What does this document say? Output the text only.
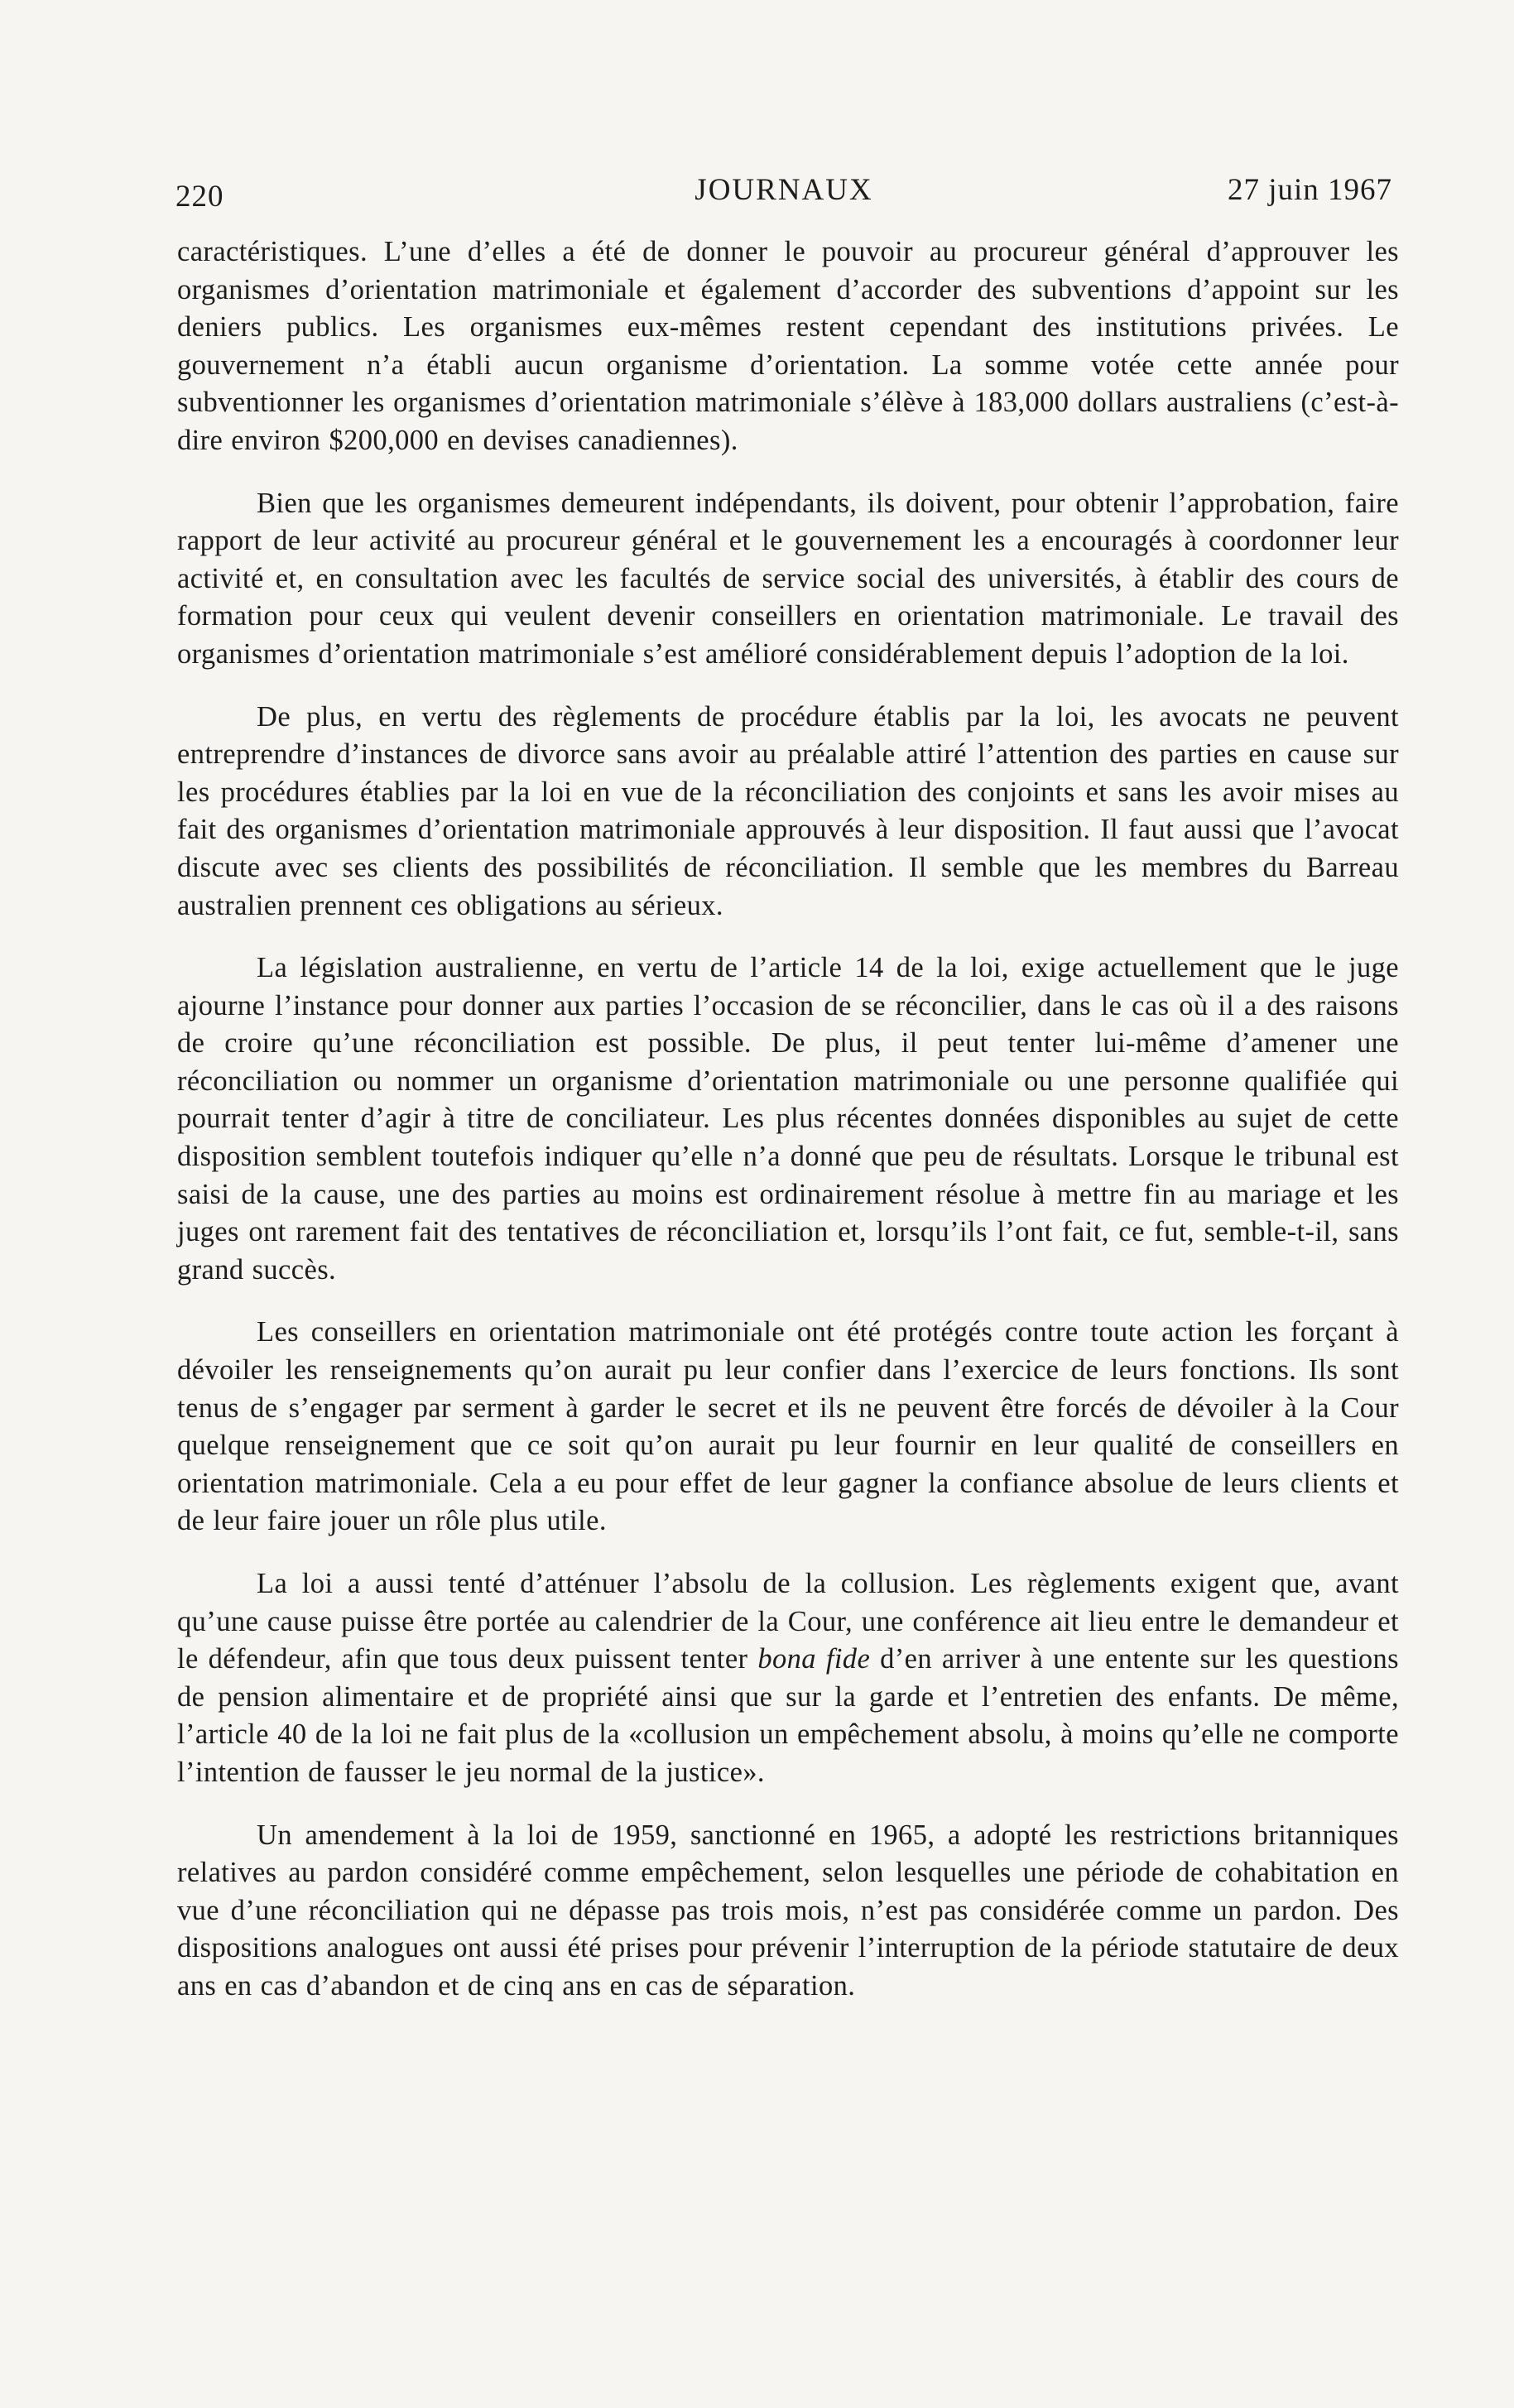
220	JOURNAUX	27 juin 1967

caractéristiques. L’une d’elles a été de donner le pouvoir au procureur général d’approuver les organismes d’orientation matrimoniale et également d’accorder des subventions d’appoint sur les deniers publics. Les organismes eux-mêmes restent cependant des institutions privées. Le gouvernement n’a établi aucun organisme d’orientation. La somme votée cette année pour subventionner les organismes d’orientation matrimoniale s’élève à 183,000 dollars australiens (c’est-à-dire environ $200,000 en devises canadiennes).

Bien que les organismes demeurent indépendants, ils doivent, pour obtenir l’approbation, faire rapport de leur activité au procureur général et le gouvernement les a encouragés à coordonner leur activité et, en consultation avec les facultés de service social des universités, à établir des cours de formation pour ceux qui veulent devenir conseillers en orientation matrimoniale. Le travail des organismes d’orientation matrimoniale s’est amélioré considérablement depuis l’adoption de la loi.

De plus, en vertu des règlements de procédure établis par la loi, les avocats ne peuvent entreprendre d’instances de divorce sans avoir au préalable attiré l’attention des parties en cause sur les procédures établies par la loi en vue de la réconciliation des conjoints et sans les avoir mises au fait des organismes d’orientation matrimoniale approuvés à leur disposition. Il faut aussi que l’avocat discute avec ses clients des possibilités de réconciliation. Il semble que les membres du Barreau australien prennent ces obligations au sérieux.

La législation australienne, en vertu de l’article 14 de la loi, exige actuellement que le juge ajourne l’instance pour donner aux parties l’occasion de se réconcilier, dans le cas où il a des raisons de croire qu’une réconciliation est possible. De plus, il peut tenter lui-même d’amener une réconciliation ou nommer un organisme d’orientation matrimoniale ou une personne qualifiée qui pourrait tenter d’agir à titre de conciliateur. Les plus récentes données disponibles au sujet de cette disposition semblent toutefois indiquer qu’elle n’a donné que peu de résultats. Lorsque le tribunal est saisi de la cause, une des parties au moins est ordinairement résolue à mettre fin au mariage et les juges ont rarement fait des tentatives de réconciliation et, lorsqu’ils l’ont fait, ce fut, semble-t-il, sans grand succès.

Les conseillers en orientation matrimoniale ont été protégés contre toute action les forçant à dévoiler les renseignements qu’on aurait pu leur confier dans l’exercice de leurs fonctions. Ils sont tenus de s’engager par serment à garder le secret et ils ne peuvent être forcés de dévoiler à la Cour quelque renseignement que ce soit qu’on aurait pu leur fournir en leur qualité de conseillers en orientation matrimoniale. Cela a eu pour effet de leur gagner la confiance absolue de leurs clients et de leur faire jouer un rôle plus utile.

La loi a aussi tenté d’atténuer l’absolu de la collusion. Les règlements exigent que, avant qu’une cause puisse être portée au calendrier de la Cour, une conférence ait lieu entre le demandeur et le défendeur, afin que tous deux puissent tenter bona fide d’en arriver à une entente sur les questions de pension alimentaire et de propriété ainsi que sur la garde et l’entretien des enfants. De même, l’article 40 de la loi ne fait plus de la «collusion un empêchement absolu, à moins qu’elle ne comporte l’intention de fausser le jeu normal de la justice».

Un amendement à la loi de 1959, sanctionné en 1965, a adopté les restrictions britanniques relatives au pardon considéré comme empêchement, selon lesquelles une période de cohabitation en vue d’une réconciliation qui ne dépasse pas trois mois, n’est pas considérée comme un pardon. Des dispositions analogues ont aussi été prises pour prévenir l’interruption de la période statutaire de deux ans en cas d’abandon et de cinq ans en cas de séparation.
